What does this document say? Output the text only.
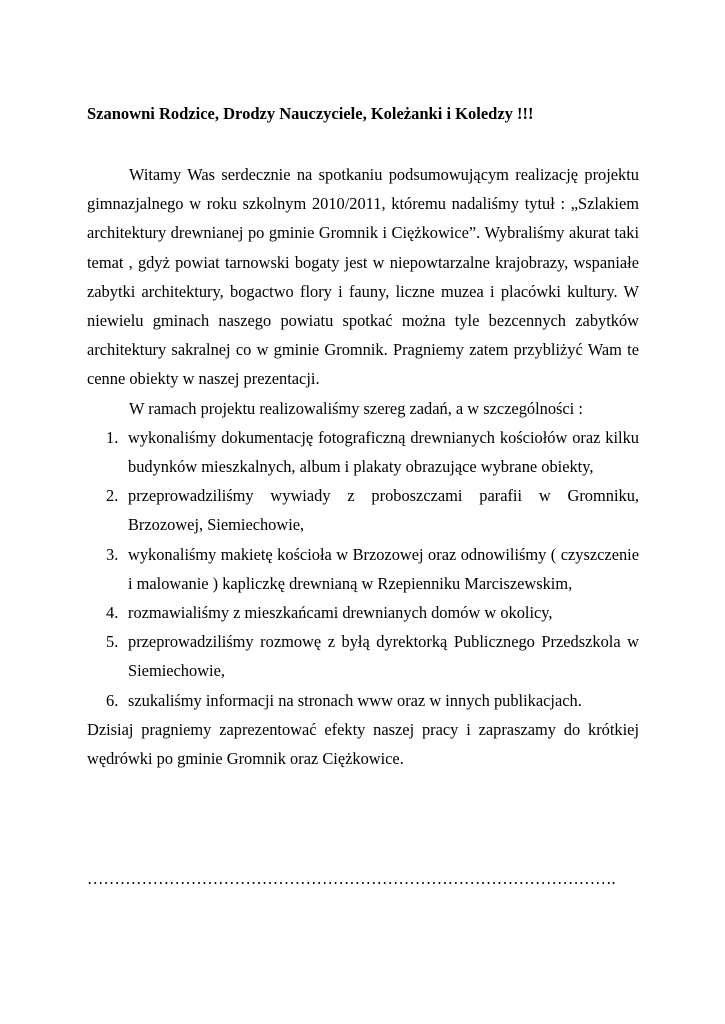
Szanowni Rodzice, Drodzy Nauczyciele, Koleżanki i Koledzy !!!

Witamy Was serdecznie na spotkaniu podsumowującym realizację projektu gimnazjalnego w roku szkolnym 2010/2011, któremu nadaliśmy tytuł : „Szlakiem architektury drewnianej po gminie Gromnik i Ciężkowice”. Wybraliśmy akurat taki temat , gdyż powiat tarnowski bogaty jest w niepowtarzalne krajobrazy, wspaniałe zabytki architektury, bogactwo flory i fauny, liczne muzea i placówki kultury. W niewielu gminach naszego powiatu spotkać można tyle bezcennych zabytków architektury sakralnej co w gminie Gromnik. Pragniemy zatem przybliżyć Wam te cenne obiekty w naszej prezentacji.

W ramach projektu realizowaliśmy szereg zadań, a w szczególności :

1. wykonaliśmy dokumentację fotograficzną drewnianych kościołów oraz kilku budynków mieszkalnych, album i plakaty obrazujące wybrane obiekty,
2. przeprowadziliśmy wywiady z proboszczami parafii w Gromniku, Brzozowej, Siemiechowie,
3. wykonaliśmy makietę kościoła w Brzozowej oraz odnowiliśmy ( czyszczenie i malowanie ) kapliczkę drewnianą w Rzepienniku Marciszewskim,
4. rozmawialiśmy z mieszkańcami drewnianych domów w okolicy,
5. przeprowadziliśmy rozmowę z byłą dyrektorką Publicznego Przedszkola w Siemiechowie,
6. szukaliśmy informacji na stronach www oraz w innych publikacjach.

Dzisiaj pragniemy zaprezentować efekty naszej pracy i zapraszamy do krótkiej wędrówki po gminie Gromnik oraz Ciężkowice.

…………………………………………………………………………………….
